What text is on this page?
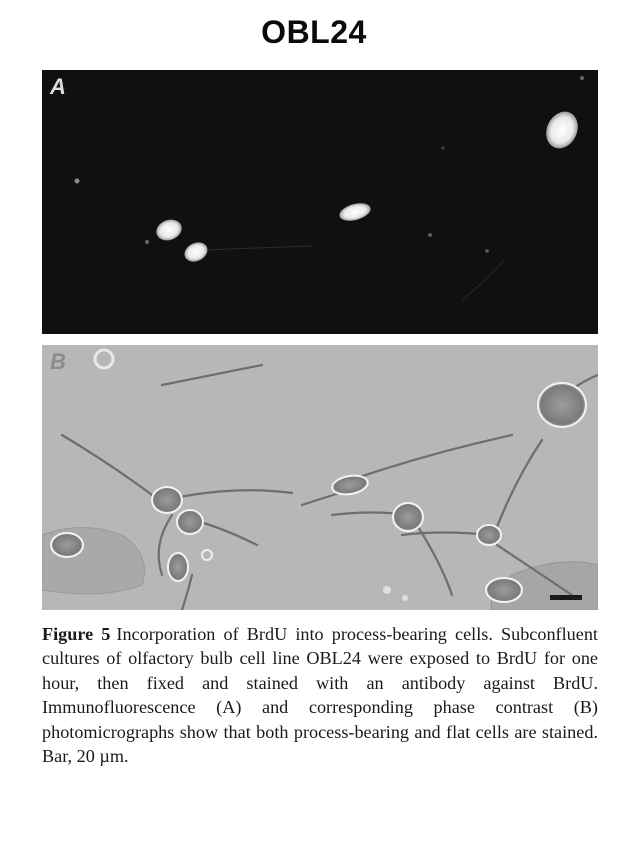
OBL24
A
B
Figure 5 Incorporation of BrdU into process-bearing cells. Subconfluent cultures of olfactory bulb cell line OBL24 were exposed to BrdU for one hour, then fixed and stained with an antibody against BrdU. Immunofluorescence (A) and corresponding phase contrast (B) photomicrographs show that both process-bearing and flat cells are stained. Bar, 20 µm.
